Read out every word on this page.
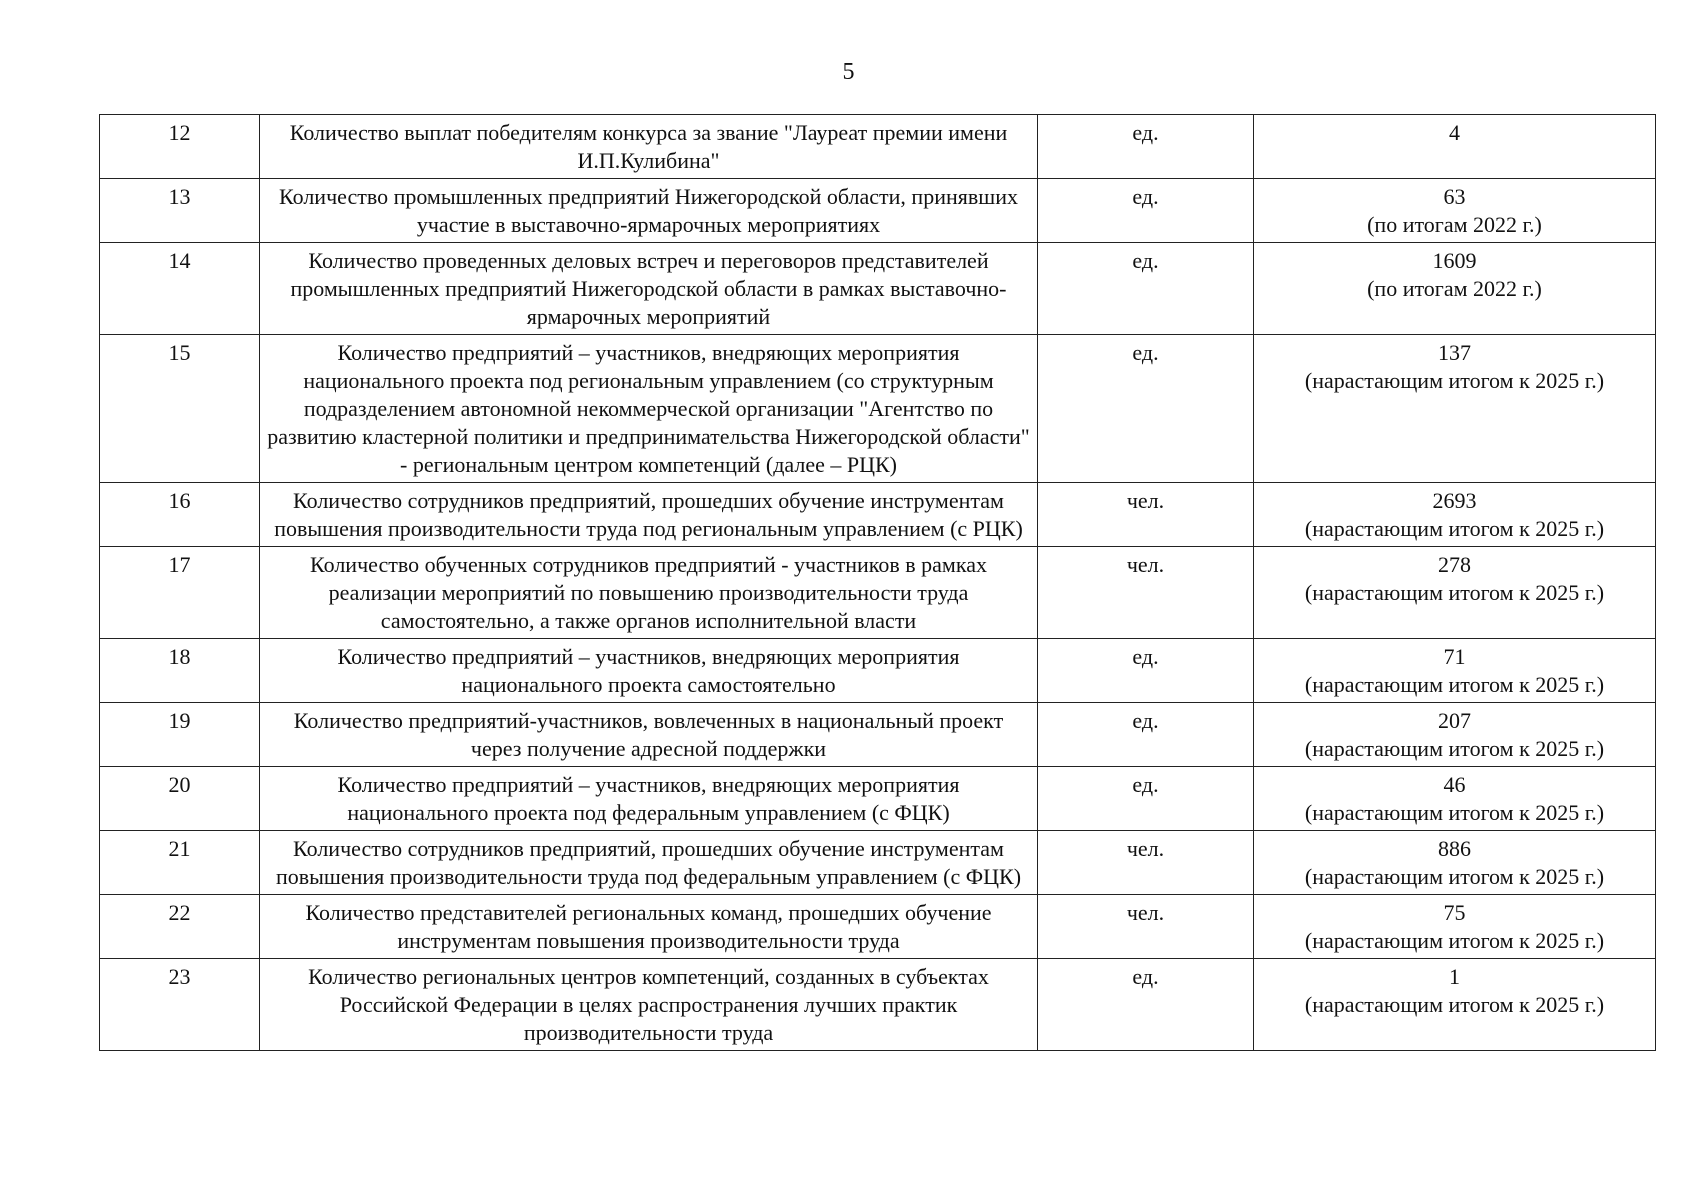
5
12	Количество выплат победителям конкурса за звание "Лауреат премии имени И.П.Кулибина"	ед.	4

13	Количество промышленных предприятий Нижегородской области, принявших участие в выставочно-ярмарочных мероприятиях	ед.	63
(по итогам 2022 г.)

14	Количество проведенных деловых встреч и переговоров представителей промышленных предприятий Нижегородской области в рамках выставочно-ярмарочных мероприятий	ед.	1609
(по итогам 2022 г.)

15	Количество предприятий – участников, внедряющих мероприятия национального проекта под региональным управлением (со структурным подразделением автономной некоммерческой организации "Агентство по развитию кластерной политики и предпринимательства Нижегородской области" - региональным центром компетенций (далее – РЦК)	ед.	137
(нарастающим итогом к 2025 г.)

16	Количество сотрудников предприятий, прошедших обучение инструментам повышения производительности труда под региональным управлением (с РЦК)	чел.	2693
(нарастающим итогом к 2025 г.)

17	Количество обученных сотрудников предприятий - участников в рамках реализации мероприятий по повышению производительности труда самостоятельно, а также органов исполнительной власти	чел.	278
(нарастающим итогом к 2025 г.)

18	Количество предприятий – участников, внедряющих мероприятия национального проекта самостоятельно	ед.	71
(нарастающим итогом к 2025 г.)

19	Количество предприятий-участников, вовлеченных в национальный проект через получение адресной поддержки	ед.	207
(нарастающим итогом к 2025 г.)

20	Количество предприятий – участников, внедряющих мероприятия национального проекта под федеральным управлением (с ФЦК)	ед.	46
(нарастающим итогом к 2025 г.)

21	Количество сотрудников предприятий, прошедших обучение инструментам повышения производительности труда под федеральным управлением (с ФЦК)	чел.	886
(нарастающим итогом к 2025 г.)

22	Количество представителей региональных команд, прошедших обучение инструментам повышения производительности труда	чел.	75
(нарастающим итогом к 2025 г.)

23	Количество региональных центров компетенций, созданных в субъектах Российской Федерации в целях распространения лучших практик производительности труда	ед.	1
(нарастающим итогом к 2025 г.)
